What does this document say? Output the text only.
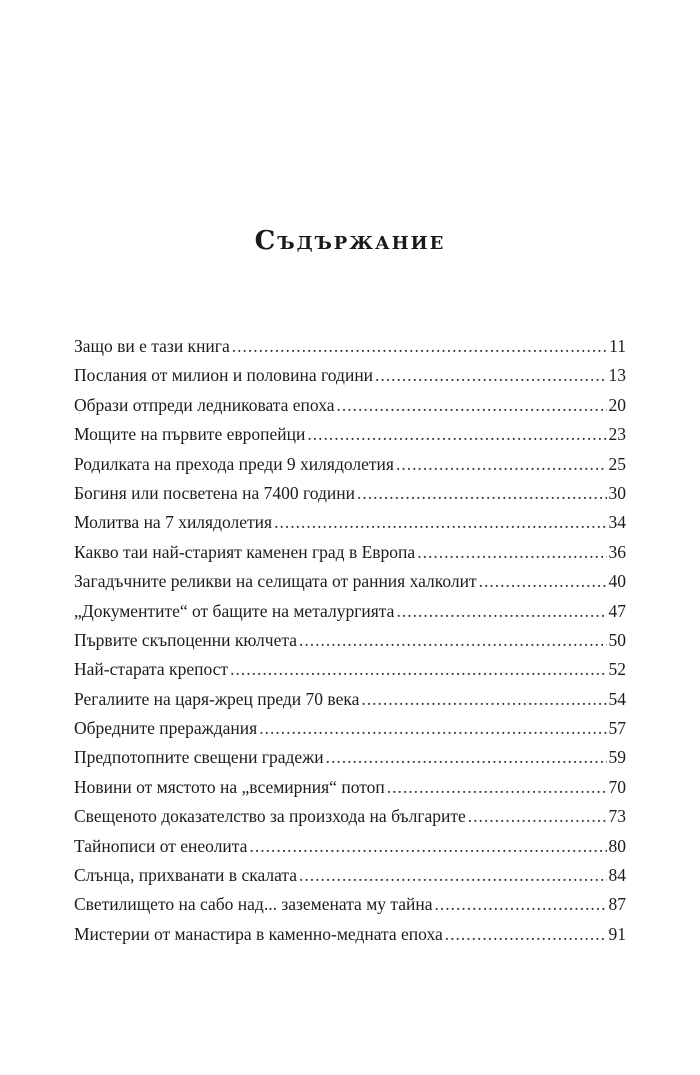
Съдържание
Защо ви е тази книга .....	11
Послания от милион и половина години .....	13
Образи отпреди ледниковата епоха .....	20
Мощите на първите европейци .....	23
Родилката на прехода преди 9 хилядолетия .....	25
Богиня или посветена на 7400 години .....	30
Молитва на 7 хилядолетия .....	34
Какво таи най-старият каменен град в Европа .....	36
Загадъчните реликви на селищата от ранния халколит .....	40
„Документите“ от бащите на металургията .....	47
Първите скъпоценни кюлчета .....	50
Най-старата крепост .....	52
Регалиите на царя-жрец преди 70 века .....	54
Обредните прераждания .....	57
Предпотопните свещени градежи .....	59
Новини от мястото на „всемирния“ потоп .....	70
Свещеното доказателство за произхода на българите .....	73
Тайнописи от енеолита .....	80
Слънца, прихванати в скалата .....	84
Светилището на сабо над... заземената му тайна .....	87
Мистерии от манастира в каменно-медната епоха .....	91
